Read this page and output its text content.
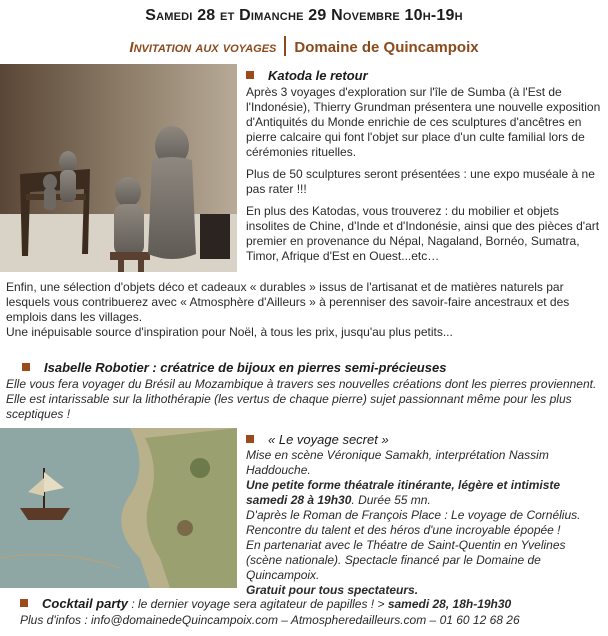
Samedi 28 et Dimanche 29 Novembre 10h-19h
Invitation aux voyages Domaine de Quincampoix
Katoda le retour

Après 3 voyages d'exploration sur l'île de Sumba (à l'Est de l'Indonésie), Thierry Grundman présentera une nouvelle exposition d'Antiquités du Monde enrichie de ces sculptures d'ancêtres en pierre calcaire qui font l'objet sur place d'un culte familial lors de cérémonies rituelles.

Plus de 50 sculptures seront présentées : une expo muséale à ne pas rater !!!

En plus des Katodas, vous trouverez : du mobilier et objets insolites de Chine, d'Inde et d'Indonésie, ainsi que des pièces d'art premier en provenance du Népal, Nagaland, Bornéo, Sumatra, Timor, Afrique d'Est en Ouest...etc…

Enfin, une sélection d'objets déco et cadeaux « durables » issus de l'artisanat et de matières naturels par lesquels vous contribuerez avec « Atmosphère d'Ailleurs » à perenniser des savoir-faire ancestraux et des emplois dans les villages.

Une inépuisable source d'inspiration pour Noël, à tous les prix, jusqu'au plus petits...

Isabelle Robotier : créatrice de bijoux en pierres semi-précieuses

Elle vous fera voyager du Brésil au Mozambique à travers ses nouvelles créations dont les pierres proviennent. Elle est intarissable sur la lithothérapie (les vertus de chaque pierre) sujet passionnant même pour les plus sceptiques !

« Le voyage secret »

Mise en scène Véronique Samakh, interprétation Nassim Haddouche.

Une petite forme théatrale itinérante, légère et intimiste

samedi 28 à 19h30. Durée 55 mn.

D'après le Roman de François Place : Le voyage de Cornélius.

Rencontre du talent et des héros d'une incroyable épopée !

En partenariat avec le Théatre de Saint-Quentin en Yvelines (scène nationale). Spectacle financé par le Domaine de Quincampoix.

Gratuit pour tous spectateurs.

Cocktail party : le dernier voyage sera agitateur de papilles ! > samedi 28, 18h-19h30
Plus d'infos : info@domainedeQuincampoix.com – Atmospheredailleurs.com – 01 60 12 68 26
